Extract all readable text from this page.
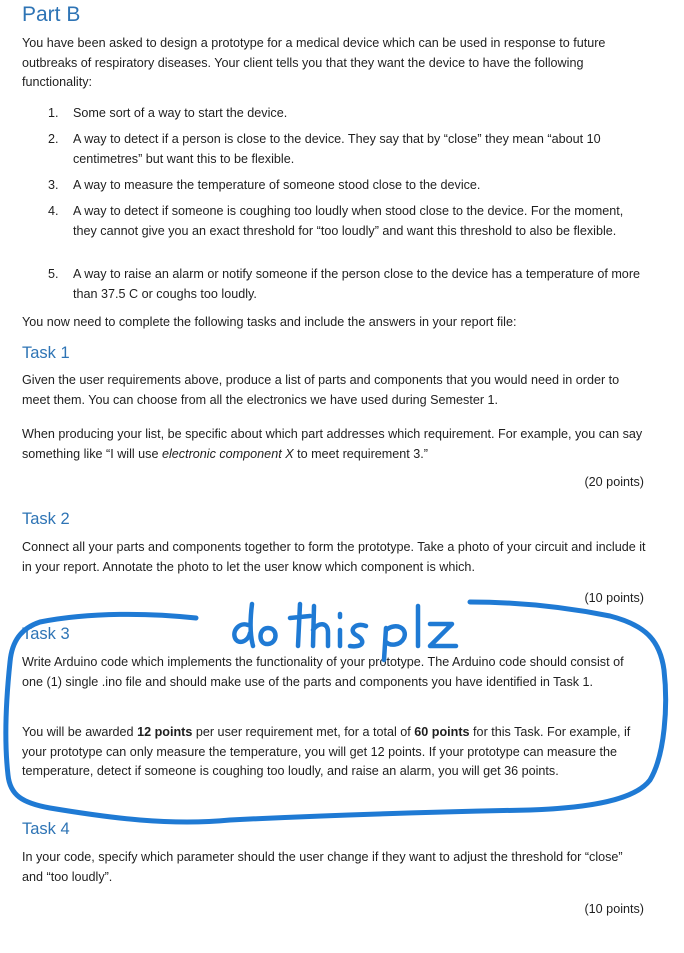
Part B

You have been asked to design a prototype for a medical device which can be used in response to future outbreaks of respiratory diseases. Your client tells you that they want the device to have the following functionality:

1. Some sort of a way to start the device.
2. A way to detect if a person is close to the device. They say that by “close” they mean “about 10 centimetres” but want this to be flexible.
3. A way to measure the temperature of someone stood close to the device.
4. A way to detect if someone is coughing too loudly when stood close to the device. For the moment, they cannot give you an exact threshold for “too loudly” and want this threshold to also be flexible.
5. A way to raise an alarm or notify someone if the person close to the device has a temperature of more than 37.5 C or coughs too loudly.

You now need to complete the following tasks and include the answers in your report file:

Task 1

Given the user requirements above, produce a list of parts and components that you would need in order to meet them. You can choose from all the electronics we have used during Semester 1.

When producing your list, be specific about which part addresses which requirement. For example, you can say something like “I will use electronic component X to meet requirement 3.”

(20 points)
Task 2

Connect all your parts and components together to form the prototype. Take a photo of your circuit and include it in your report. Annotate the photo to let the user know which component is which.

(10 points)
Task 3

Write Arduino code which implements the functionality of your prototype. The Arduino code should consist of one (1) single .ino file and should make use of the parts and components you have identified in Task 1.

You will be awarded 12 points per user requirement met, for a total of 60 points for this Task. For example, if your prototype can only measure the temperature, you will get 12 points. If your prototype can measure the temperature, detect if someone is coughing too loudly, and raise an alarm, you will get 36 points.

Task 4

In your code, specify which parameter should the user change if they want to adjust the threshold for “close” and “too loudly”.

(10 points)
